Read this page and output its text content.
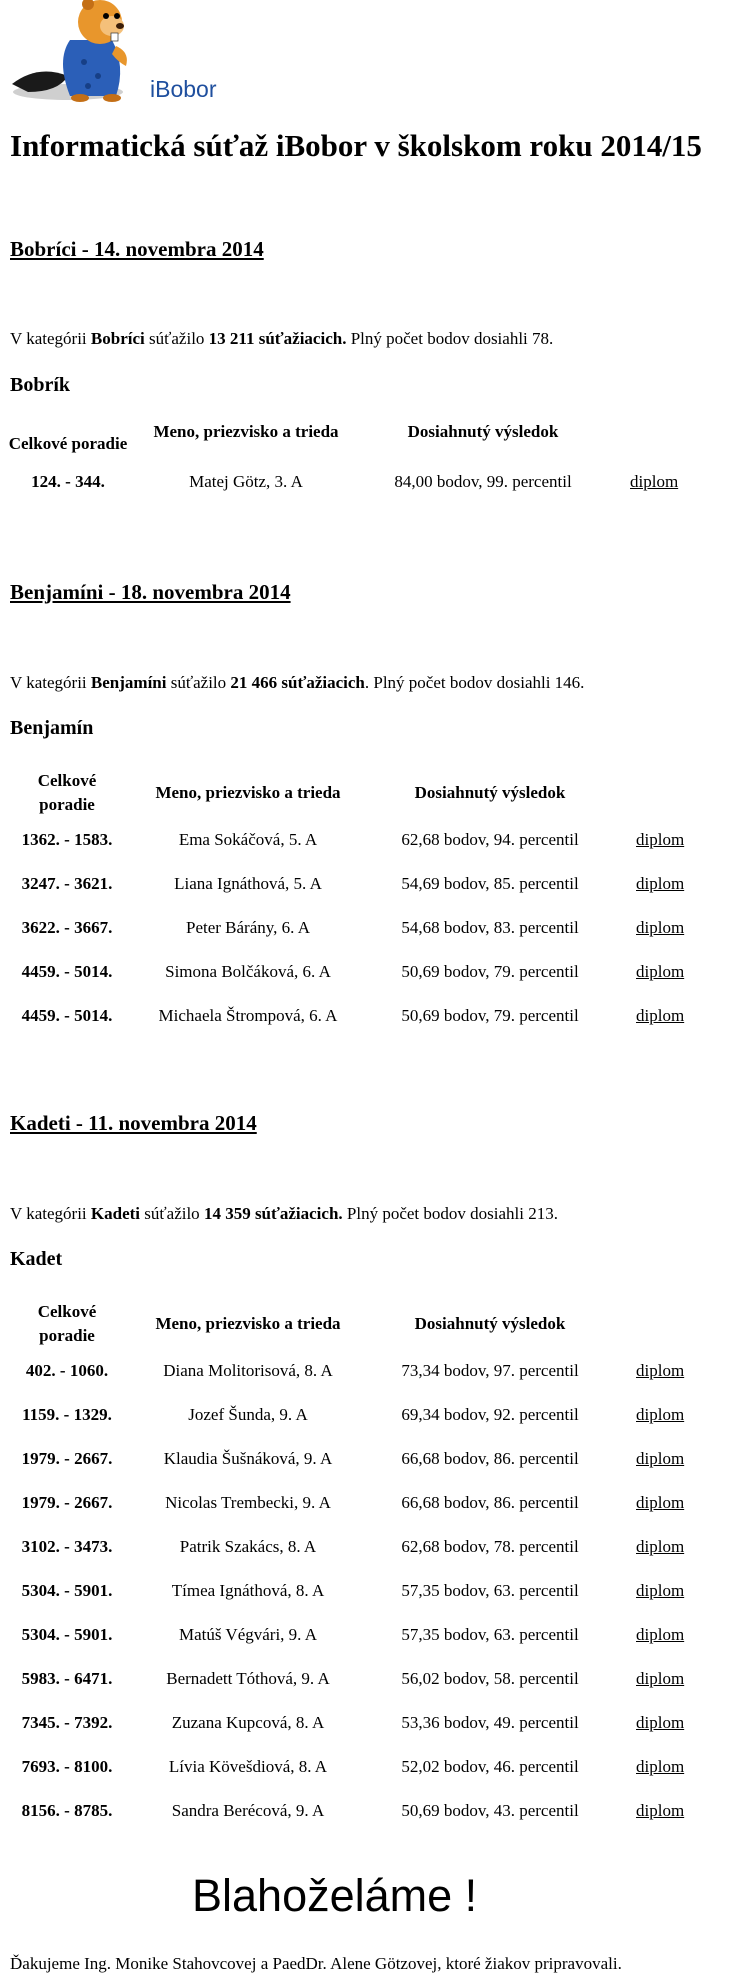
iBobor
Informatická súťaž iBobor v školskom roku 2014/15
Bobríci - 14. novembra 2014
V kategórii Bobríci súťažilo 13 211 súťažiacich. Plný počet bodov dosiahli 78.
Bobrík
Celkové poradie	Meno, priezvisko a trieda	Dosiahnutý výsledok	
124. - 344.	Matej Götz, 3. A	84,00 bodov, 99. percentil	diplom
Benjamíni - 18. novembra 2014
V kategórii Benjamíni súťažilo 21 466 súťažiacich. Plný počet bodov dosiahli 146.
Benjamín
Celkové poradie	Meno, priezvisko a trieda	Dosiahnutý výsledok	
1362. - 1583.	Ema Sokáčová, 5. A	62,68 bodov, 94. percentil	diplom
3247. - 3621.	Liana Ignáthová, 5. A	54,69 bodov, 85. percentil	diplom
3622. - 3667.	Peter Bárány, 6. A	54,68 bodov, 83. percentil	diplom
4459. - 5014.	Simona Bolčáková, 6. A	50,69 bodov, 79. percentil	diplom
4459. - 5014.	Michaela Štrompová, 6. A	50,69 bodov, 79. percentil	diplom
Kadeti - 11. novembra 2014
V kategórii Kadeti súťažilo 14 359 súťažiacich. Plný počet bodov dosiahli 213.
Kadet
Celkové poradie	Meno, priezvisko a trieda	Dosiahnutý výsledok	
402. - 1060.	Diana Molitorisová, 8. A	73,34 bodov, 97. percentil	diplom
1159. - 1329.	Jozef Šunda, 9. A	69,34 bodov, 92. percentil	diplom
1979. - 2667.	Klaudia Šušnáková, 9. A	66,68 bodov, 86. percentil	diplom
1979. - 2667.	Nicolas Trembecki, 9. A	66,68 bodov, 86. percentil	diplom
3102. - 3473.	Patrik Szakács, 8. A	62,68 bodov, 78. percentil	diplom
5304. - 5901.	Tímea Ignáthová, 8. A	57,35 bodov, 63. percentil	diplom
5304. - 5901.	Matúš Végvári, 9. A	57,35 bodov, 63. percentil	diplom
5983. - 6471.	Bernadett Tóthová, 9. A	56,02 bodov, 58. percentil	diplom
7345. - 7392.	Zuzana Kupcová, 8. A	53,36 bodov, 49. percentil	diplom
7693. - 8100.	Lívia Kövešdiová, 8. A	52,02 bodov, 46. percentil	diplom
8156. - 8785.	Sandra Berécová, 9. A	50,69 bodov, 43. percentil	diplom
Blahoželáme !
Ďakujeme Ing. Monike Stahovcovej a PaedDr. Alene Götzovej, ktoré žiakov pripravovali.
